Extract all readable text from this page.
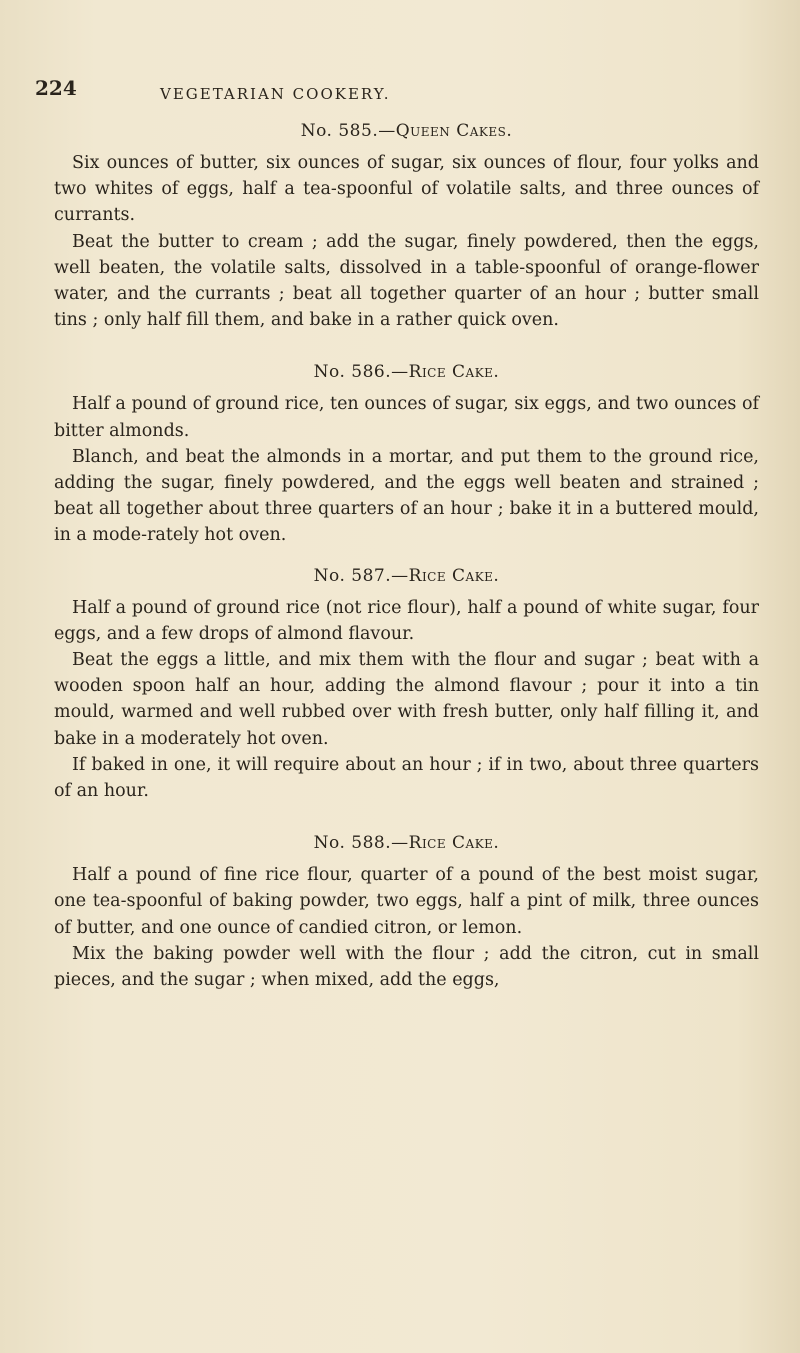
224	VEGETARIAN COOKERY.
No. 585.—Queen Cakes.

Six ounces of butter, six ounces of sugar, six ounces of flour, four yolks and two whites of eggs, half a tea-spoonful of volatile salts, and three ounces of currants.

Beat the butter to cream ; add the sugar, finely powdered, then the eggs, well beaten, the volatile salts, dissolved in a table-spoonful of orange-flower water, and the currants ; beat all together quarter of an hour ; butter small tins ; only half fill them, and bake in a rather quick oven.

No. 586.—Rice Cake.

Half a pound of ground rice, ten ounces of sugar, six eggs, and two ounces of bitter almonds.

Blanch, and beat the almonds in a mortar, and put them to the ground rice, adding the sugar, finely powdered, and the eggs well beaten and strained ; beat all together about three quarters of an hour ; bake it in a buttered mould, in a mode-rately hot oven.

No. 587.—Rice Cake.

Half a pound of ground rice (not rice flour), half a pound of white sugar, four eggs, and a few drops of almond flavour.

Beat the eggs a little, and mix them with the flour and sugar ; beat with a wooden spoon half an hour, adding the almond flavour ; pour it into a tin mould, warmed and well rubbed over with fresh butter, only half filling it, and bake in a moderately hot oven.

If baked in one, it will require about an hour ; if in two, about three quarters of an hour.

No. 588.—Rice Cake.

Half a pound of fine rice flour, quarter of a pound of the best moist sugar, one tea-spoonful of baking powder, two eggs, half a pint of milk, three ounces of butter, and one ounce of candied citron, or lemon.

Mix the baking powder well with the flour ; add the citron, cut in small pieces, and the sugar ; when mixed, add the eggs,
